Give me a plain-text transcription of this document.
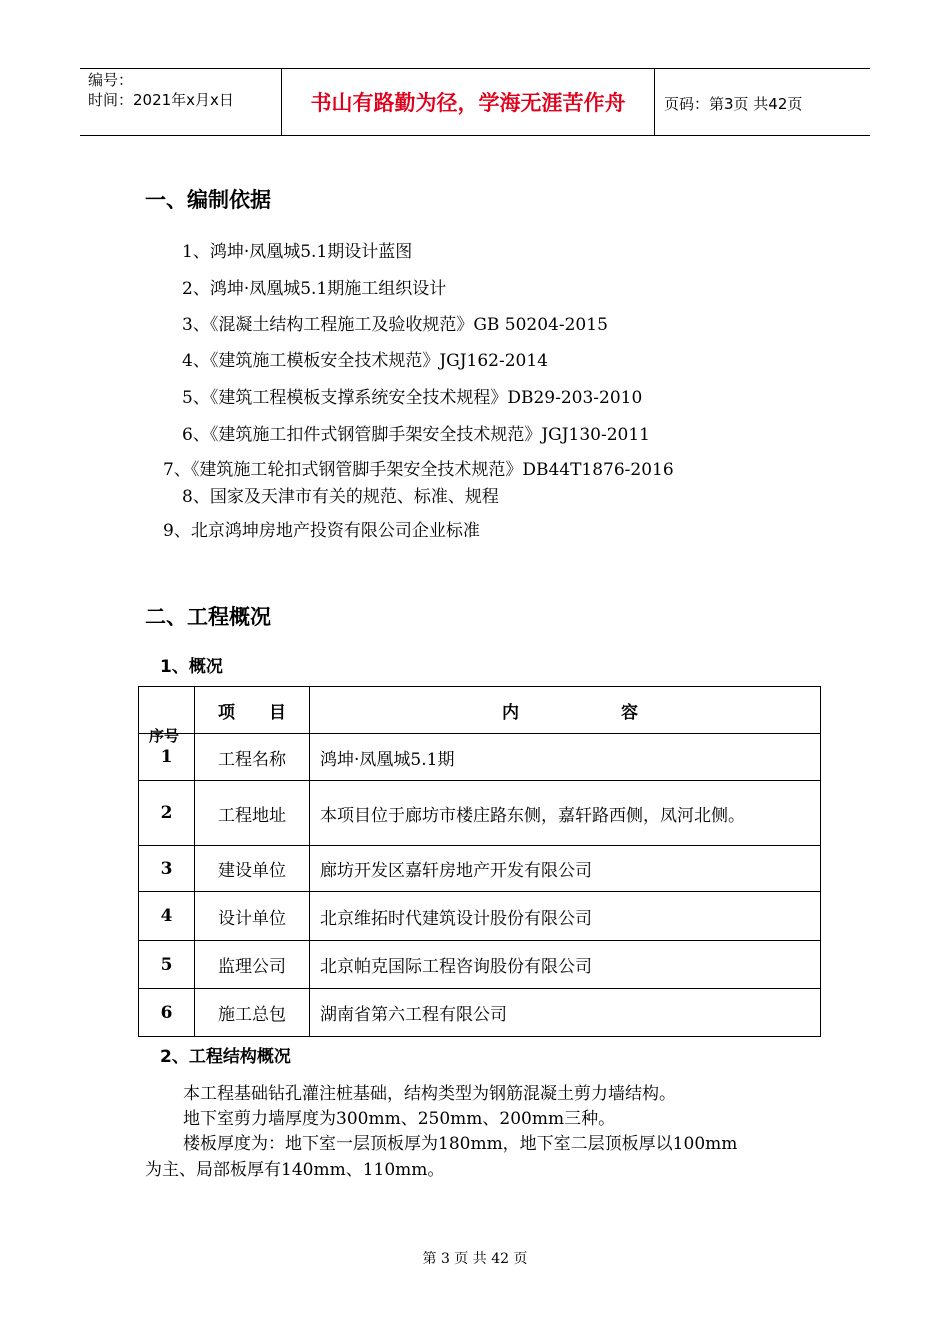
编号：
时间：2021年x月x日	书山有路勤为径，学海无涯苦作舟	页码：第3页 共42页
一、编制依据
1、鸿坤·凤凰城5.1期设计蓝图
2、鸿坤·凤凰城5.1期施工组织设计
3、《混凝土结构工程施工及验收规范》GB 50204-2015
4、《建筑施工模板安全技术规范》JGJ162-2014
5、《建筑工程模板支撑系统安全技术规程》DB29-203-2010
6、《建筑施工扣件式钢管脚手架安全技术规范》JGJ130-2011
7、《建筑施工轮扣式钢管脚手架安全技术规范》DB44T1876-2016
8、国家及天津市有关的规范、标准、规程
9、北京鸿坤房地产投资有限公司企业标准
二、工程概况
1、概况
序号	项　　目	内　　　　　　容
1	工程名称	鸿坤·凤凰城5.1期
2	工程地址	本项目位于廊坊市楼庄路东侧，嘉轩路西侧，凤河北侧。
3	建设单位	廊坊开发区嘉轩房地产开发有限公司
4	设计单位	北京维拓时代建筑设计股份有限公司
5	监理公司	北京帕克国际工程咨询股份有限公司
6	施工总包	湖南省第六工程有限公司
2、工程结构概况
本工程基础钻孔灌注桩基础，结构类型为钢筋混凝土剪力墙结构。
地下室剪力墙厚度为300mm、250mm、200mm三种。
楼板厚度为：地下室一层顶板厚为180mm，地下室二层顶板厚以100mm
为主、局部板厚有140mm、110mm。
第 3 页 共 42 页
